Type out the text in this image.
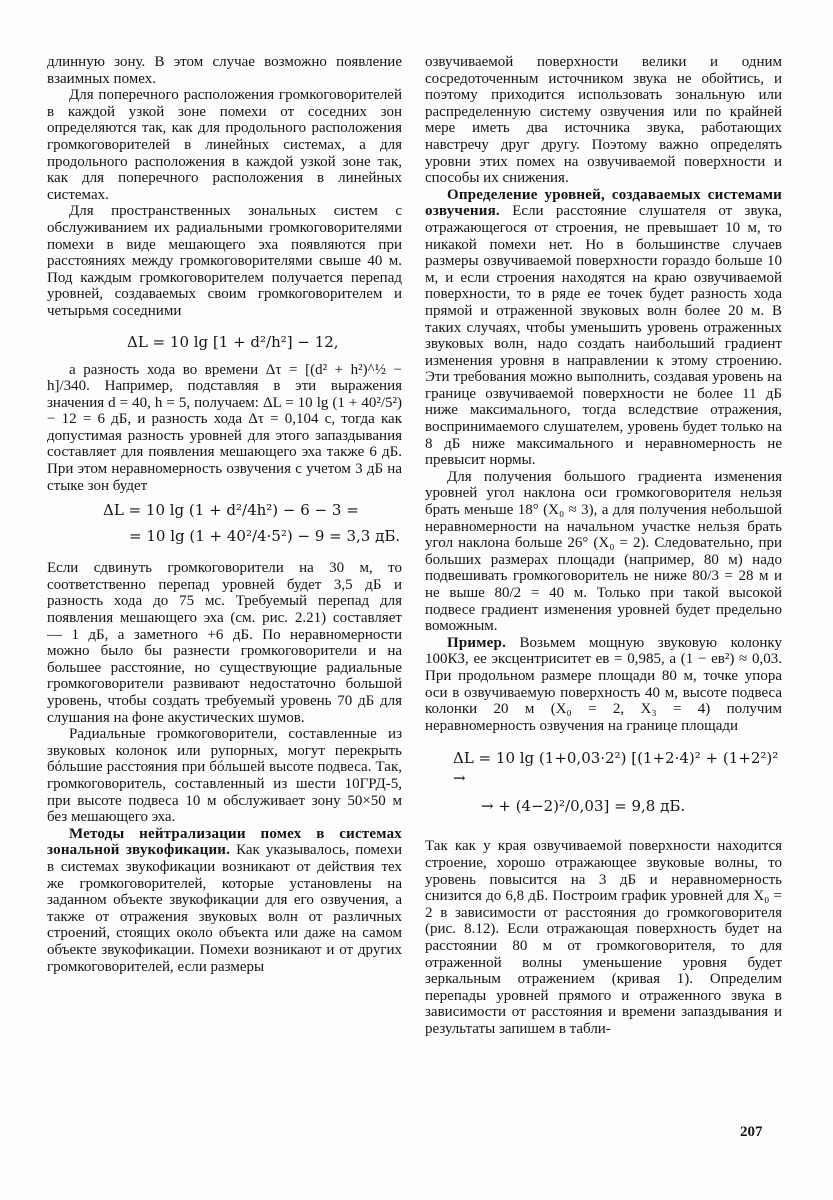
длинную зону. В этом случае возможно появление взаимных помех.

Для поперечного расположения громкоговорителей в каждой узкой зоне помехи от соседних зон определяются так, как для продольного расположения громкоговорителей в линейных системах, а для продольного расположения в каждой узкой зоне так, как для поперечного расположения в линейных системах.

Для пространственных зональных систем с обслуживанием их радиальными громкоговорителями помехи в виде мешающего эха появляются при расстояниях между громкоговорителями свыше 40 м. Под каждым громкоговорителем получается перепад уровней, создаваемых своим громкоговорителем и четырьмя соседними

ΔL = 10 lg [1 + d²/h²] − 12,

а разность хода во времени Δτ = [(d² + h²)^½ − h]/340. Например, подставляя в эти выражения значения d = 40, h = 5, получаем: ΔL = 10 lg (1 + 40²/5²) − 12 = 6 дБ, и разность хода Δτ = 0,104 с, тогда как допустимая разность уровней для этого запаздывания составляет для появления мешающего эха также 6 дБ. При этом неравномерность озвучения с учетом 3 дБ на стыке зон будет

ΔL = 10 lg (1 + d²/4h²) − 6 − 3 =
= 10 lg (1 + 40²/4·5²) − 9 = 3,3 дБ.

Если сдвинуть громкоговорители на 30 м, то соответственно перепад уровней будет 3,5 дБ и разность хода до 75 мс. Требуемый перепад для появления мешающего эха (см. рис. 2.21) составляет — 1 дБ, а заметного +6 дБ. По неравномерности можно было бы разнести громкоговорители и на большее расстояние, но существующие радиальные громкоговорители развивают недостаточно большой уровень, чтобы создать требуемый уровень 70 дБ для слушания на фоне акустических шумов.

Радиальные громкоговорители, составленные из звуковых колонок или рупорных, могут перекрыть бóльшие расстояния при бóльшей высоте подвеса. Так, громкоговоритель, составленный из шести 10ГРД-5, при высоте подвеса 10 м обслуживает зону 50×50 м без мешающего эха.

Методы нейтрализации помех в системах зональной звукофикации. Как указывалось, помехи в системах звукофикации возникают от действия тех же громкоговорителей, которые установлены на заданном объекте звукофикации для его озвучения, а также от отражения звуковых волн от различных строений, стоящих около объекта или даже на самом объекте звукофикации. Помехи возникают и от других громкоговорителей, если размеры

озвучиваемой поверхности велики и одним сосредоточенным источником звука не обойтись, и поэтому приходится использовать зональную или распределенную систему озвучения или по крайней мере иметь два источника звука, работающих навстречу друг другу. Поэтому важно определять уровни этих помех на озвучиваемой поверхности и способы их снижения.

Определение уровней, создаваемых системами озвучения. Если расстояние слушателя от звука, отражающегося от строения, не превышает 10 м, то никакой помехи нет. Но в большинстве случаев размеры озвучиваемой поверхности гораздо больше 10 м, и если строения находятся на краю озвучиваемой поверхности, то в ряде ее точек будет разность хода прямой и отраженной звуковых волн более 20 м. В таких случаях, чтобы уменьшить уровень отраженных звуковых волн, надо создать наибольший градиент изменения уровня в направлении к этому строению. Эти требования можно выполнить, создавая уровень на границе озвучиваемой поверхности не более 11 дБ ниже максимального, тогда вследствие отражения, воспринимаемого слушателем, уровень будет только на 8 дБ ниже максимального и неравномерность не превысит нормы.

Для получения большого градиента изменения уровней угол наклона оси громкоговорителя нельзя брать меньше 18° (X₀ ≈ 3), а для получения небольшой неравномерности на начальном участке нельзя брать угол наклона больше 26° (X₀ = 2). Следовательно, при больших размерах площади (например, 80 м) надо подвешивать громкоговоритель не ниже 80/3 = 28 м и не выше 80/2 = 40 м. Только при такой высокой подвесе градиент изменения уровней будет предельно воможным.

Пример. Возьмем мощную звуковую колонку 100КЗ, ее эксцентриситет eв = 0,985, а (1 − eв²) ≈ 0,03. При продольном размере площади 80 м, точке упора оси в озвучиваемую поверхность 40 м, высоте подвеса колонки 20 м (X₀ = 2, X₃ = 4) получим неравномерность озвучения на границе площади

ΔL = 10 lg (1+0,03·2²) [(1+2·4)² + (1+2²)² →
→ + (4−2)²/0,03] = 9,8 дБ.

Так как у края озвучиваемой поверхности находится строение, хорошо отражающее звуковые волны, то уровень повысится на 3 дБ и неравномерность снизится до 6,8 дБ. Построим график уровней для X₀ = 2 в зависимости от расстояния до громкоговорителя (рис. 8.12). Если отражающая поверхность будет на расстоянии 80 м от громкоговорителя, то для отраженной волны уменьшение уровня будет зеркальным отражением (кривая 1). Определим перепады уровней прямого и отраженного звука в зависимости от расстояния и времени запаздывания и результаты запишем в табли-

207
